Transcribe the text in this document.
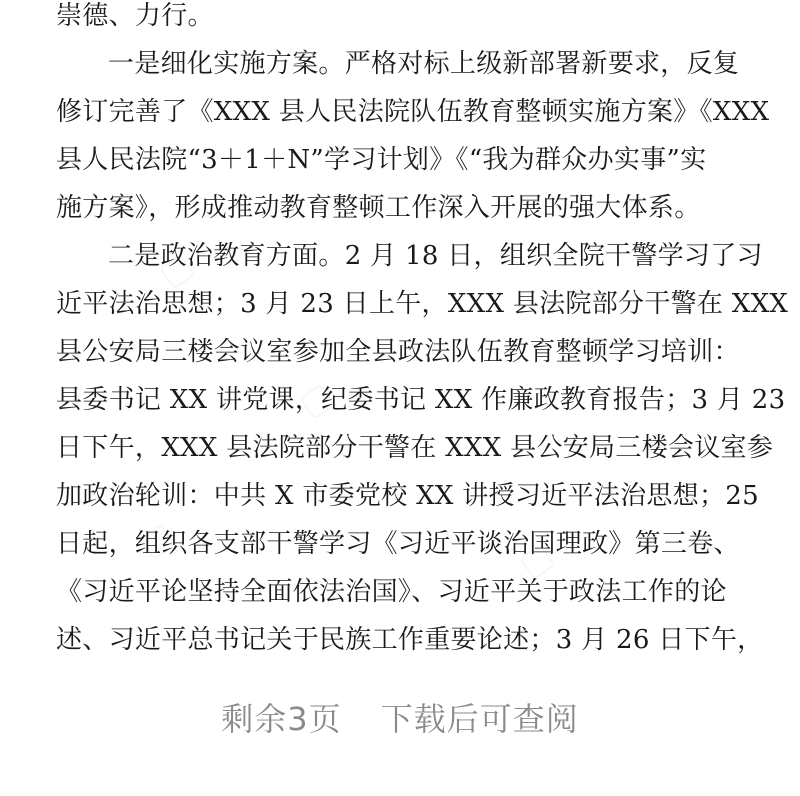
崇德、力行。
一是细化实施方案。严格对标上级新部署新要求，反复
修订完善了《XXX 县人民法院队伍教育整顿实施方案》《XXX
县人民法院“3＋1＋N”学习计划》《“我为群众办实事”实
施方案》，形成推动教育整顿工作深入开展的强大体系。
二是政治教育方面。2 月 18 日，组织全院干警学习了习
近平法治思想；3 月 23 日上午，XXX 县法院部分干警在 XXX
县公安局三楼会议室参加全县政法队伍教育整顿学习培训：
县委书记 XX 讲党课，纪委书记 XX 作廉政教育报告；3 月 23
日下午，XXX 县法院部分干警在 XXX 县公安局三楼会议室参
加政治轮训：中共 X 市委党校 XX 讲授习近平法治思想；25
日起，组织各支部干警学习《习近平谈治国理政》第三卷、
《习近平论坚持全面依法治国》、习近平关于政法工作的论
述、习近平总书记关于民族工作重要论述；3 月 26 日下午，
剩余3页 下载后可查阅
